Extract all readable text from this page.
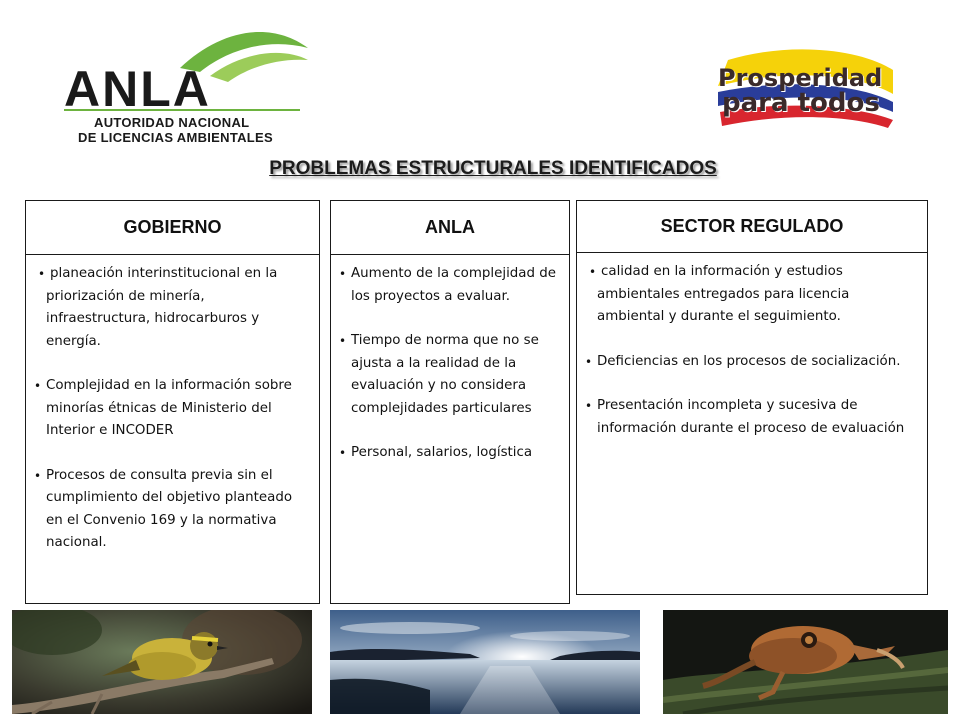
ANLA
AUTORIDAD NACIONAL
DE LICENCIAS AMBIENTALES
Prosperidad
para todos
PROBLEMAS ESTRUCTURALES IDENTIFICADOS
GOBIERNO
• planeación interinstitucional en la priorización de minería, infraestructura, hidrocarburos y energía.
• Complejidad en la información sobre minorías étnicas de Ministerio del Interior e INCODER
• Procesos de consulta previa sin el cumplimiento del objetivo planteado en el Convenio 169 y la normativa nacional.
ANLA
• Aumento de la complejidad de los proyectos a evaluar.
• Tiempo de norma que no se ajusta a la realidad de la evaluación y no considera complejidades particulares
• Personal, salarios, logística
SECTOR REGULADO
• calidad en la información y estudios ambientales entregados para licencia ambiental y durante el seguimiento.
• Deficiencias en los procesos de socialización.
• Presentación incompleta y sucesiva de información durante el proceso de evaluación
